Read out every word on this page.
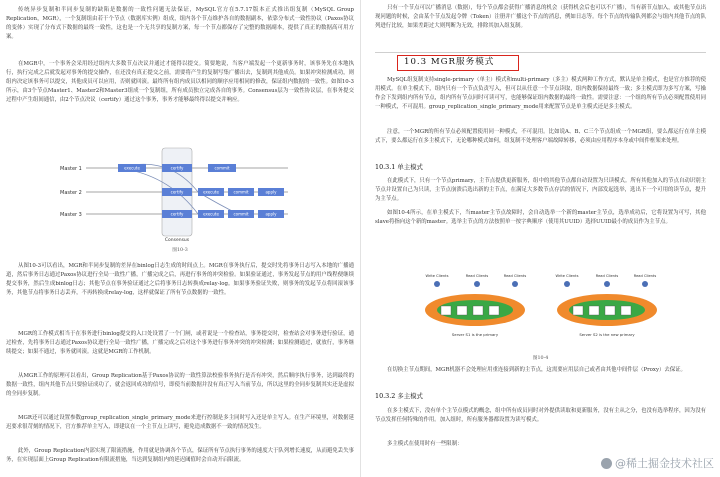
传统异步复制和半同步复制的缺陷是数据的一致性问题无法保证，MySQL官方在5.7.17版本正式推出组复制（MySQL Group Replication，MGR），一个复制组由若干个节点（数据库实例）组成，组内各个节点维护各自的数据副本，依靠分布式一致性协议（Paxos协议的变体）实现了分布式下数据的最终一致性，这也是一个无共享的复制方案，每一个节点都保存了完整的数据副本，提供了真正的数据高可用方案。

在MGR中，一个事务会采用经过组内大多数节点决议并通过才能得以提交。简要地说，当客户端发起一个更新事务时，该事务先在本地执行，执行完成之后就发起对事务的提交操作，在还没有真正提交之前，需要将产生的复制写集广播出去，复制到其他成员。如果冲突检测成功，则组内决定该事务可以提交，其他成员可以应用，否则就回滚。最终所有组内成员以相同的顺序应用相同的修改，保证组内数据的一致性。如图10-3所示，由3个节点Master1、Master2和Master3组成一个复制组，所有成员独立完成各自的事务。Consensus层为一致性协议层，在事务提交过程中产生组间通信，由2个节点决议（certify）通过这个事务，事务才能够最终得以提交并响应。

Master 1
Master 2
Master 3
Consensus
execute	certify	commit
certify	execute	commit	apply
certify	execute	commit	apply
图10-3

从图10-3可以看出，MGR和半同步复制的差异在binlog日志生成的时间点上。MGR在事务执行后，提交时先将事务日志写入本地的广播通道，然后事务日志通过Paxos协议进行全局一致性广播，广播完成之后，再进行事务的冲突检验。如果验证通过，事务发起节点的用户线程便继续提交事务，然后生成binlog日志；其他节点在事务验证通过之后将事务日志转换成relay-log。如果事务验证失败，则事务的发起节点将回滚该事务，其他节点将事务日志丢弃，不再转换成relay-log，这样就保证了所有节点数据的一致性。

MGR的工作模式相当于在事务进行binlog提交的入口处设置了一个门闸，或者说是一个检查站，事务提交时，检查站会对事务进行验证，通过检查，先将事务日志通过Paxos协议进行全局一致性广播，广播完成之后对这个事务进行事务冲突的冲突检测；如果检测通过，就放行，事务继续提交；如果不通过，事务就回滚。这就是MGR的工作机制。

从MGR工作的原理可以看出，Group Replication基于Paxos协议的一致性算法校验事务执行是否有冲突，然后顺序执行事务，达到最终的数据一致性，组内其他节点只要验证成功了，就会返回成功的信号，即使当前数据并没有真正写入当前节点，所以这里的全同步复制其实还是虚拟的全同步复制。

MGR还可以通过设置参数group_replication_single_primary_mode来进行控制是多主同时写入还是单主写入。在生产环境里，对数据延迟要求很苛刻的情况下，官方推荐单主写入，即建议在一个主节点上读写，避免造成数据不一致的情况发生。

此外，Group Replication内部实现了限流措施，作用就是协调各个节点，保证所有节点执行事务的速度大于队列增长速度，从而避免丢失事务，在实现层面上Group Replication有限流措施，当达到复制组内的延迟阈值时会自动开启限流。

只有一个节点可以广播消息（数据），每个节点都会获得广播消息的机会（获得机会后也可以不广播），当有新节点加入，或其他节点出现问题的时候，会由某个节点发起令牌（Token）注册并广播这个节点的消息，例如日志等。每个节点的传输队列都会与组内其他节点的队列进行比较，如果差距过大则判断为无效，排除其加入组复制。

10.3 MGR服务模式

MySQL组复制支持single-primary（单主）模式和multi-primary（多主）模式两种工作方式，默认是单主模式，也是官方推荐的使用模式。在单主模式下，组内只有一个节点负责写入，但可以从任意一个节点读取，组内数据保持最终一致；多主模式即为多写方案，写操作会下发到组内所有节点，组内所有节点同时可读可写，也能够保证组内数据的最终一致性。需要注意：一个组的所有节点必须配置使用同一种模式，不可混用。group_replication_single_primary_mode用来配置节点是单主模式还是多主模式。

注意，一个MGR的所有节点必须配置使用同一种模式，不可混用。比如说A、B、C三个节点组成一个MGR组，要么都运行在单主模式下，要么都运行在多主模式下，无论哪种模式如何，组复制不处理客户端故障转移，必须由应用程序本身或中间件框架来处理。

10.3.1 单主模式

在此模式下，只有一个节点primary，主节点提供更新服务，组中的其他节点都自动设置为只读模式。所有其他加入的节点自动识别主节点并设置自己为只读，主节点崩溃后选出新的主节点，在满足大多数节点存活的情况下，内部发起选举，选出下一个可用的读节点，提升为主节点。

如图10-4所示，在单主模式下，当master主节点故障时，会自动选举一个新的master主节点，选举成功后，它将设置为可写，其他slave将指向这个新的master。选举主节点的方法按照单一按字典顺序（使用其UUID）选择UUID最小的成员作为主节点。

Write Clients	Read Clients	Read Clients	Write Clients	Read Clients	Read Clients
Server S1 is the primary	Server S2 is the new primary
图10-4

在切换主节点期间，MGR机器不会处理应用重连接到新的主节点，这需要应用层自己或者由其他中间件层（Proxy）去保证。

10.3.2 多主模式

在多主模式下，没有单个主节点模式的概念，组中所有成员同时对外提供读取和更新服务，没有主从之分，也没有选举程序，因为没有节点发挥任何特殊的作用。加入组时，所有服务器都设置为读写模式。

多主模式在使用时有一些限制：

@稀土掘金技术社区
